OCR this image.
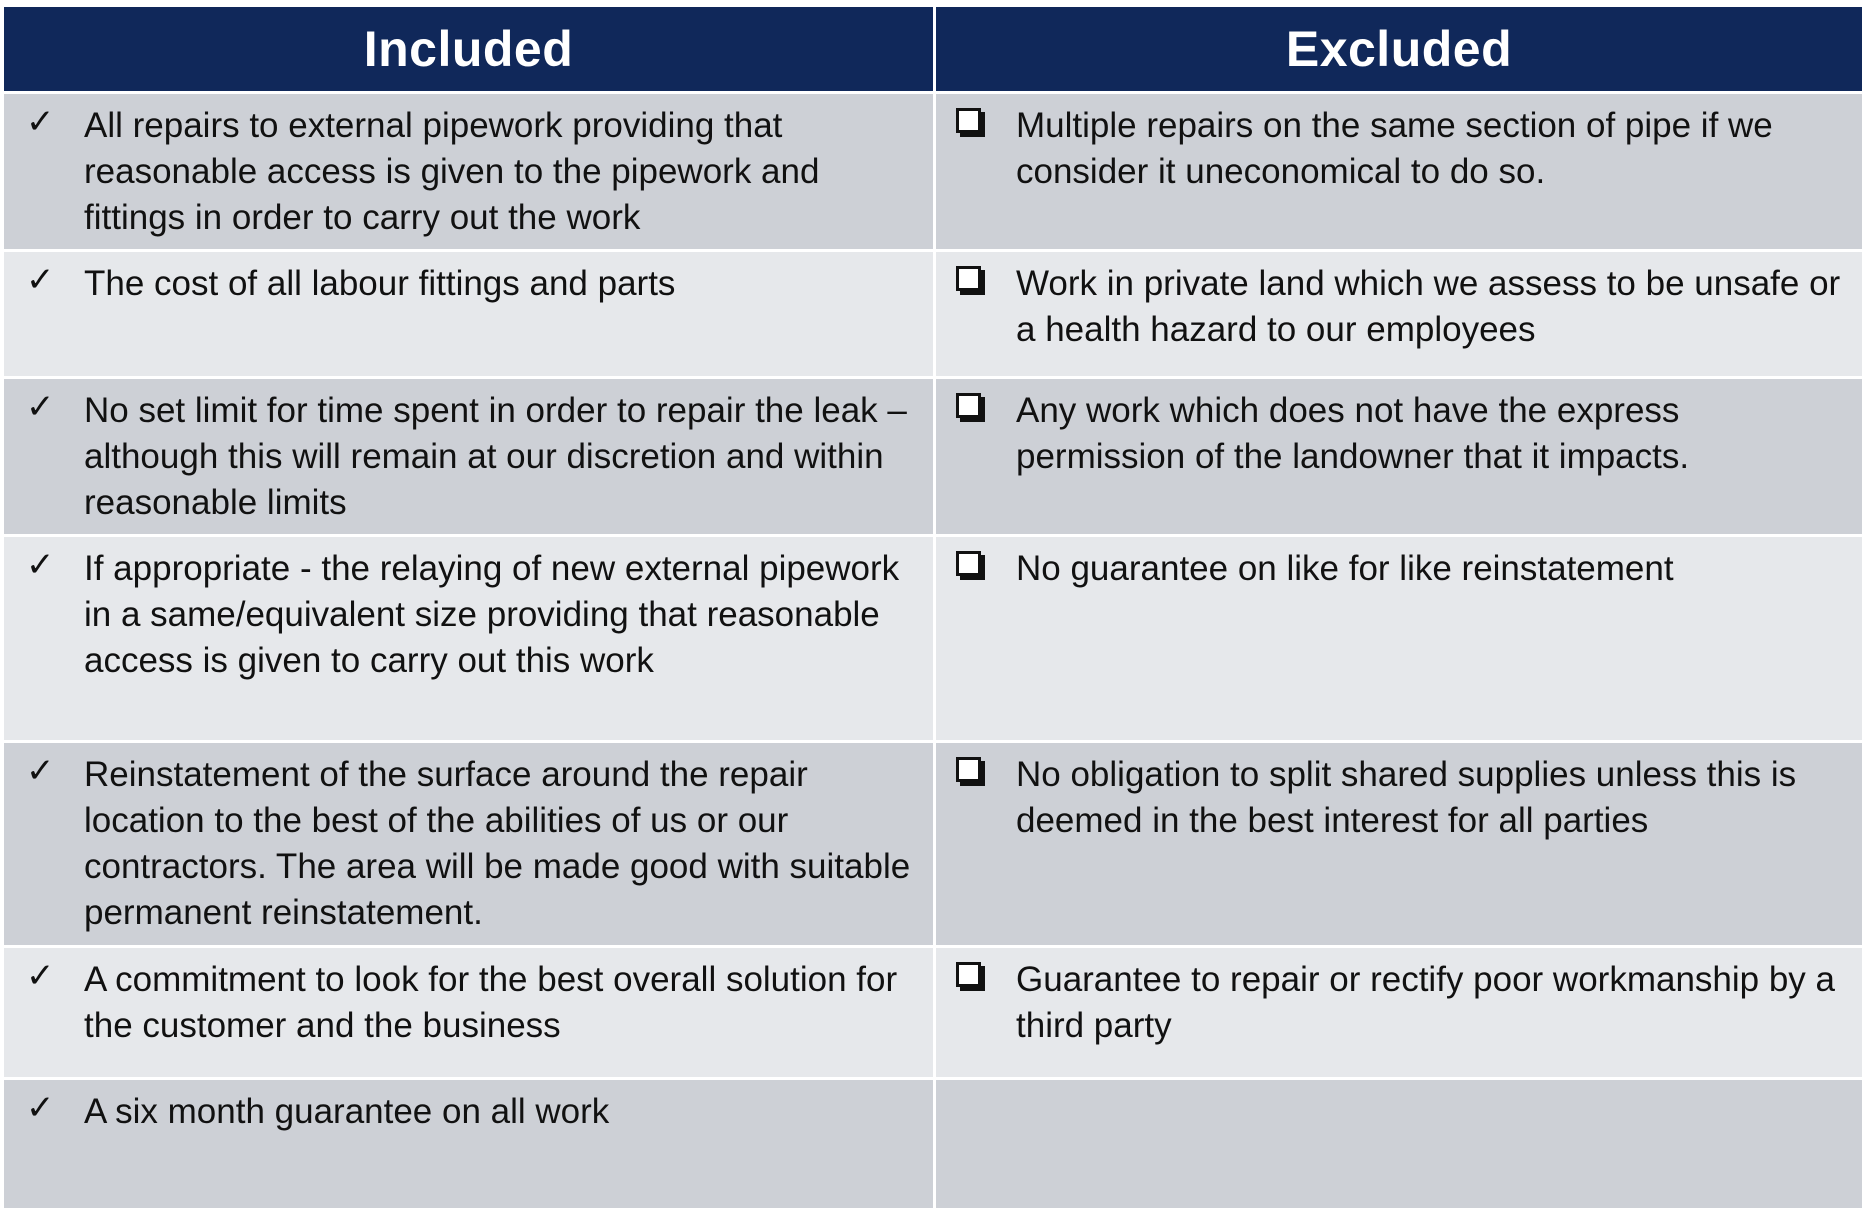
Included	Excluded
✓ All repairs to external pipework providing that reasonable access is given to the pipework and fittings in order to carry out the work
Multiple repairs on the same section of pipe if we consider it uneconomical to do so.
✓ The cost of all labour fittings and parts	Work in private land which we assess to be unsafe or a health hazard to our employees
✓ No set limit for time spent in order to repair the leak – although this will remain at our discretion and within reasonable limits
Any work which does not have the express permission of the landowner that it impacts.
✓ If appropriate - the relaying of new external pipework in a same/equivalent size providing that reasonable access is given to carry out this work
No guarantee on like for like reinstatement
✓ Reinstatement of the surface around the repair location to the best of the abilities of us or our contractors. The area will be made good with suitable permanent reinstatement.
No obligation to split shared supplies unless this is deemed in the best interest for all parties
✓ A commitment to look for the best overall solution for the customer and the business
Guarantee to repair or rectify poor workmanship by a third party
✓ A six month guarantee on all work
